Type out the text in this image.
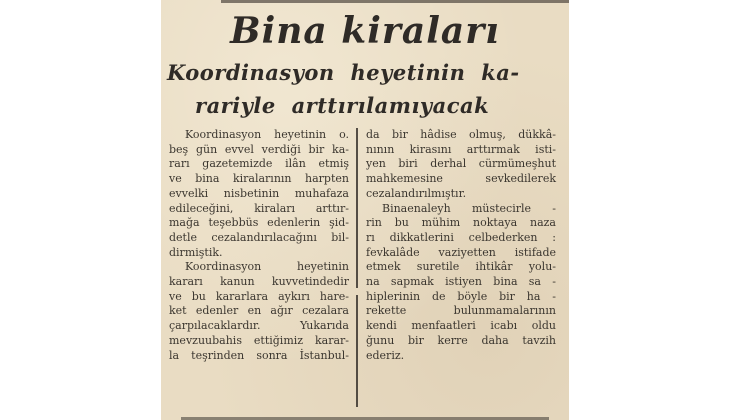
Bina kiraları
Koordinasyon heyetinin ka-
rariyle arttırılamıyacak
Koordinasyon heyetinin o.
beş gün evvel verdiği bir ka-
rarı gazetemizde ilân etmiş
ve bina kiralarının harpten
evvelki nisbetinin muhafaza
edileceğini, kiraları arttır-
mağa teşebbüs edenlerin şid-
detle cezalandırılacağını bil-
dirmiştik.
Koordinasyon heyetinin
kararı kanun kuvvetindedir
ve bu kararlara aykırı hare-
ket edenler en ağır cezalara
çarpılacaklardır. Yukarıda
mevzuubahis ettiğimiz karar-
la teşrinden sonra İstanbul-
da bir hâdise olmuş, dükkâ-
nının kirasını arttırmak isti-
yen biri derhal cürmümeşhut
mahkemesine sevkedilerek
cezalandırılmıştır.
Binaenaleyh müstecirle -
rin bu mühim noktaya naza
rı dikkatlerini celbederken :
fevkalâde vaziyetten istifade
etmek suretile ihtikâr yolu-
na sapmak istiyen bina sa -
hiplerinin de böyle bir ha -
rekette bulunmamalarının
kendi menfaatleri icabı oldu
ğunu bir kerre daha tavzih
ederiz.
